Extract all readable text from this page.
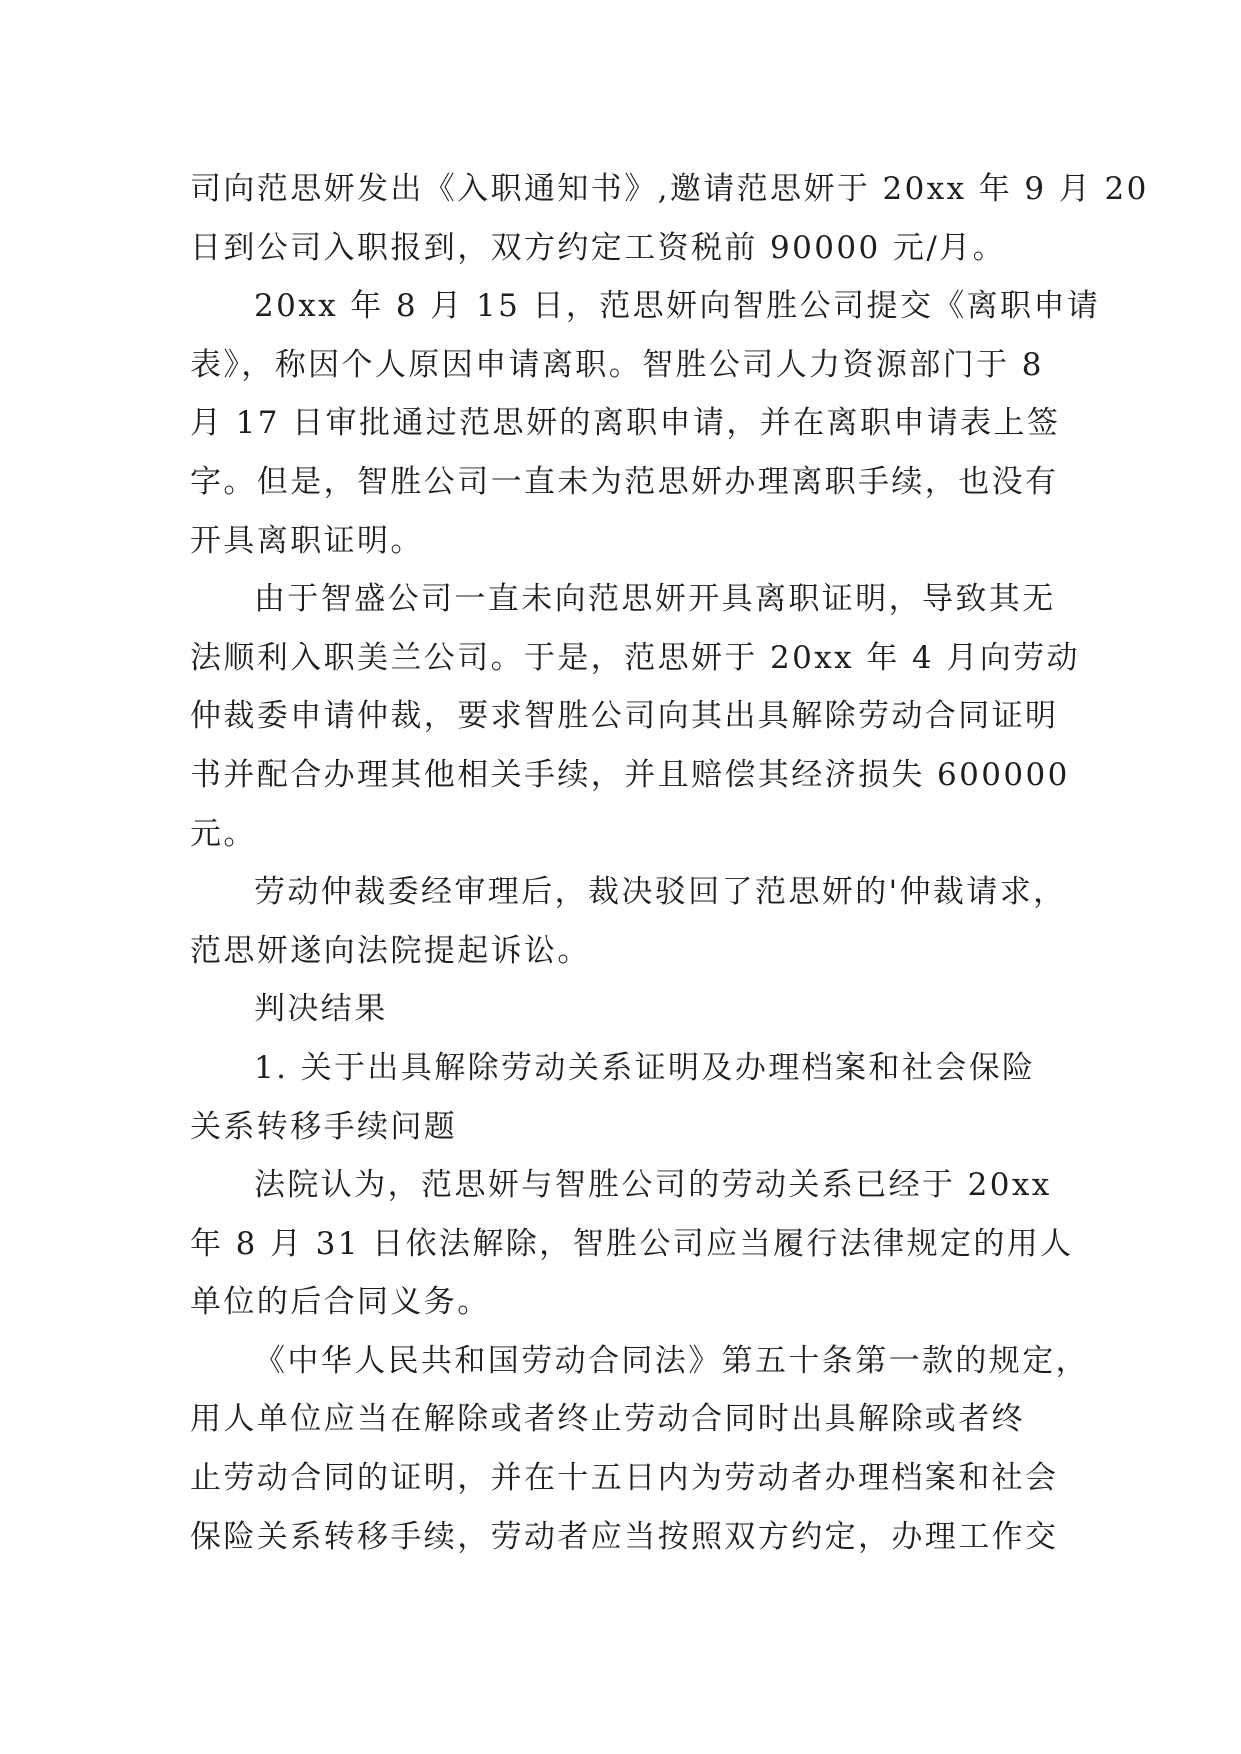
司向范思妍发出《入职通知书》,邀请范思妍于 20xx 年 9 月 20
日到公司入职报到，双方约定工资税前 90000 元/月。
20xx 年 8 月 15 日，范思妍向智胜公司提交《离职申请
表》，称因个人原因申请离职。智胜公司人力资源部门于 8
月 17 日审批通过范思妍的离职申请，并在离职申请表上签
字。但是，智胜公司一直未为范思妍办理离职手续，也没有
开具离职证明。
由于智盛公司一直未向范思妍开具离职证明，导致其无
法顺利入职美兰公司。于是，范思妍于 20xx 年 4 月向劳动
仲裁委申请仲裁，要求智胜公司向其出具解除劳动合同证明
书并配合办理其他相关手续，并且赔偿其经济损失 600000
元。
劳动仲裁委经审理后，裁决驳回了范思妍的'仲裁请求，
范思妍遂向法院提起诉讼。
判决结果
1. 关于出具解除劳动关系证明及办理档案和社会保险
关系转移手续问题
法院认为，范思妍与智胜公司的劳动关系已经于 20xx
年 8 月 31 日依法解除，智胜公司应当履行法律规定的用人
单位的后合同义务。
《中华人民共和国劳动合同法》第五十条第一款的规定，
用人单位应当在解除或者终止劳动合同时出具解除或者终
止劳动合同的证明，并在十五日内为劳动者办理档案和社会
保险关系转移手续，劳动者应当按照双方约定，办理工作交
